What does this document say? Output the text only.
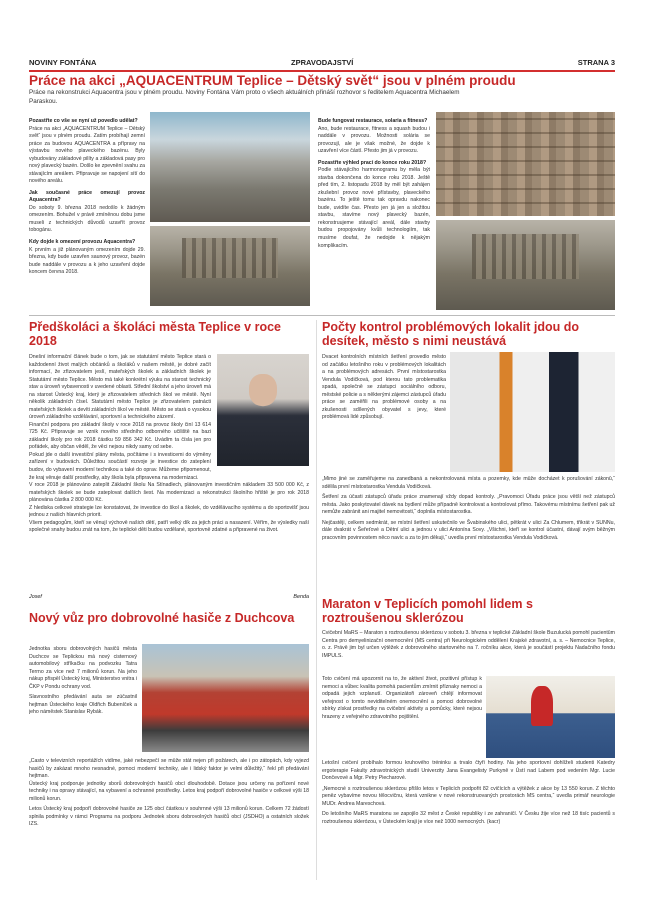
NOVINY FONTÁNA	ZPRAVODAJSTVÍ	STRANA 3
Práce na akci „AQUACENTRUM Teplice – Dětský svět“ jsou v plném proudu

Práce na rekonstrukci Aquacentra jsou v plném proudu. Noviny Fontána Vám proto o všech aktuálních přináší rozhovor s ředitelem Aquacentra Michaelem Paraskou.

Pozastřte co vše se nyní už povedlo udělat?

Práce na akci „AQUACENTRUM Teplice – Dětský svět“ jsou v plném proudu. Zatím probíhají zemní práce za budovou AQUACENTRA a přípravy na výstavbu nového plaveckého bazénu. Byly vybudovány základové pilíty a základová pasy pro nový plavecký bazén. Došlo ke zpevnění svahu za stávajícím areálem. Připravuje se napojení sítí do nového areálu.

Jak současné práce omezují provoz Aquacentra?

Do soboty 9. března 2018 nedošlo k žádným omezením. Bohužel v právě zmíněnou dobu jsme museli z technických důvodů uzavřít provoz tobogánu.

Kdy dojde k omezení provozu Aquacentra?

K prvním a již plánovaným omezením dojde 29. března, kdy bude uzavřen saunový provoz, bazén bude naddále v provozu a k jeho uzavření dojde koncem června 2018.

Bude fungovat restaurace, solaria a fitness?

Ano, bude restaurace, fitness a squash budou i naddále v provozu. Možnosti solária se provozují, ale je však možné, že dojde k uzavření více částí. Přesto jim já v provozu.

Pozastřte výhled prací do konce roku 2018?

Podle stávajícího harmonogramu by měla být stavba dokončena do konce roku 2018. Ještě před tím, 2. listopadu 2018 by měl být zahájen zkušební provoz nové přístavby, plaveckého bazénu. To ještě tomu tak opravdu nakonec bude, uvidíte čas. Přesto jen já jen a složitou stavbu, stavíme nový plavecký bazén, rekonstruujeme stávající areál, dále stavby budou propojovány kvůli technologiím, tak musíme doufat, že nedojde k nějakým komplikacím.

Předškoláci a školáci města Teplice v roce 2018

Dnešní informační článek bude o tom, jak se statutární město Teplice stará o každodenní život malých občánků a školáků v našem městě, je dobré začít informací, že zřizovatelem jeslí, mateřských školek a základních školek je Statutární město Teplice. Město má také konkrétní výuku na starost technický stav a úroveň vybavenosti v uvedené oblasti. Střední školství a jeho úroveň má na starost Ústecký kraj, který je zřizovatelem středních škol ve městě. Nyní několik základních čísel. Statutární město Teplice je zřizovatelem patnácti mateřských školek a devíti základních škol ve městě. Město se stará o vysokou úroveň základního vzdělávání, sportovní a technického zázemí.

Finanční podpora pro základní školy v roce 2018 na provoz školy činí 13 614 725 Kč. Připravuje se vznik nového středního odborného učiliště na bazi základní školy pro rok 2018 částku 59 856 342 Kč. Uvádím ta čísla jen pro pořádek, aby občan věděl, že věci nejsou nikdy samy od sebe.

Pokud jde o další investiční plány města, počítáme i s investicemi do výměny zařízení v budovách. Důležitou součástí rozvoje je investice do zateplení budov, do vybavení moderní technikou a také do oprav. Můžeme připomenout, že kraj věnuje další prostředky, aby škola byla připravena na modernizaci.

V roce 2018 je plánováno zateplit Základní školu Na Stínadlech, plánovaným investičním nákladem 33 500 000 Kč, z mateřských školek se bude zateplovat dalších šest. Na modernizaci a rekonstrukci školního hřiště je pro rok 2018 plánována částka 2 800 000 Kč.

Z hlediska celkové strategie lze konstatovat, že investice do škol a školek, do vzdělávacího systému a do sportovišť jsou jednou z našich hlavních priorit.

Všem pedagogům, kteří se věnují výchově našich dětí, patří velký dík za jejich práci a nasazení. Věřím, že výsledky naší společné snahy budou znát na tom, že teplické děti budou vzdělané, sportovně zdatné a připravené na život.

Josef	Benda
Nový vůz pro dobrovolné hasiče z Duchcova

Jednotka sboru dobrovolných hasičů města Duchcov se Teplickou má nový cisternový automobilový stříkačku na podvozku Tatra Terrno za více než 7 milionů korun. Na jeho nákup přispěl Ústecký kraj, Ministerstvo vnitra i ČKP v Pondu ochrany vod.

Slavnostního předávání auta se zúčastnil hejtman Ústeckého kraje Oldřich Bubeníček a jeho náměstek Stanislav Rybák.

„Často v televizních reportážích vidíme, jaké nebezpečí se může stát nejen při požárech, ale i po zátopách, kdy vyjezd hasičů by zakázat mnoho nesnadné, pomoci moderní techniky, ale i lidský faktor je velmi důležitý,“ řekl při předávání hejtman.

Ústecký kraj podporuje jednotky sborů dobrovolných hasičů obcí dlouhodobě. Dotace jsou určeny na pořízení nové techniky i na opravy stávající, na vybavení a ochranné prostředky. Letos kraj podpoří dobrovolné hasiče v celkové výši 18 milionů korun.

Letos Ústecký kraj podpoří dobrovolné hasiče ze 125 obcí částkou v souhrnné výši 13 milionů korun. Celkem 72 žádostí splnila podmínky v rámci Programu na podporu Jednotek sboru dobrovolných hasičů obcí (JSDHO) a ostatních složek IZS.

Počty kontrol problémových lokalit jdou do desítek, město s nimi neustává

Dvacet kontrolních místních šetření provedlo město od začátku letošního roku v problémových lokalitách a na problémových adresách. První místostarostka Vendula Vodičková, pod kterou tato problematika spadá, společně se zástupci sociálního odboru, městské policie a s některými zájemci zástupců úřadu práce se zaměřili na problémové osoby a na zkušenosti sdílených obyvatel s jevy, které problémová lidé způsobují.

„Mimo jiné se zaměřujeme na zanedbaná a nekontrolovaná místa a pozemky, kde může docházet k porušování zákonů,“ sdělila první místostarostka Vendula Vodičková.

Šetření za účasti zástupců úřadu práce znamenají vždy dopad kontroly. „Pravomoci Úřadu práce jsou větší než zástupců města. Jako poskytovatel dávek na bydlení může případně kontrolovat a kontrolovat přímo. Takovému místnímu šetření pak už nemůže zabránit ani majitel nemovitosti,“ doplnila místostarostka.

Nejčastěji, celkem sedmkrát, se místní šetření uskutečnilo ve Švabinského ulici, pětkrát v ulici Za Chlumem, třikrát v SUNNu, dále dvakrát v Šeřeťové a Dětní ulici a jednou v ulici Antonína Sovy. „Všichni, kteří se kontrol účastní, dávají svým běžným pracovním povinnostem něco navíc a za to jim děkuji,“ uvedla první místostarostka Vendula Vodičková.

Maraton v Teplicích pomohl lidem s roztroušenou sklerózou

Cvičební MaRS – Maraton s roztroušenou sklerózou v sobotu 3. března v teplické Základní škole Buzulucká pomohl pacientům Centra pro demyelinizační onemocnění (MS centra) při Neurologickém oddělení Krajské zdravotní, a. s. – Nemocnice Teplice, o. z. Právě jim byl určen výtěžek z dobrovolného startovného na 7. ročníku akce, která je součástí projektu Nadačního fondu IMPULS.

Toto cvičení má upozornit na to, že aktivní život, pozitivní přístup k nemoci a vůbec kvalita pomohá pacientům zmírnit příznaky nemoci a odpadá jejich vzplanutí. Organizátoři zároveň chtějí informovat veřejnost o tomto neviditelném onemocnění a pomoci dobrovolné sbírky získat prostředky na cvičební aktivity a pomůcky, které nejsou hrazeny z veřejného zdravotního pojištění.

Letošní cvičení probíhalo formou kruhového tréninku a trvalo čtyři hodiny. Na jeho sportovní dohlíželi studenti Katedry ergoterapie Fakulty zdravotnických studií Univerzity Jana Evangelisty Purkyně v Ústí nad Labem pod vedením Mgr. Lucie Dončevové a Mgr. Petry Piecharové.

„Nemocné s roztroušenou sklerózou přišlo letos v Teplicích podpořit 82 cvičících a výtěžek z akce by 13 550 korun. Z těchto peněz vybavíme novou tělocvičnu, která vznikne v nové rekonstruovaných prostorách MS centra,“ uvedla primář neurologie MUDr. Andrea Mareschová.

Do letošního MaRS maratonu se zapojilo 32 měst z České republiky i ze zahraničí. V Česku žije více než 18 tisíc pacientů s roztroušenou sklerózou, v Ústeckém kraji je více než 1000 nemocných. (kacr)
